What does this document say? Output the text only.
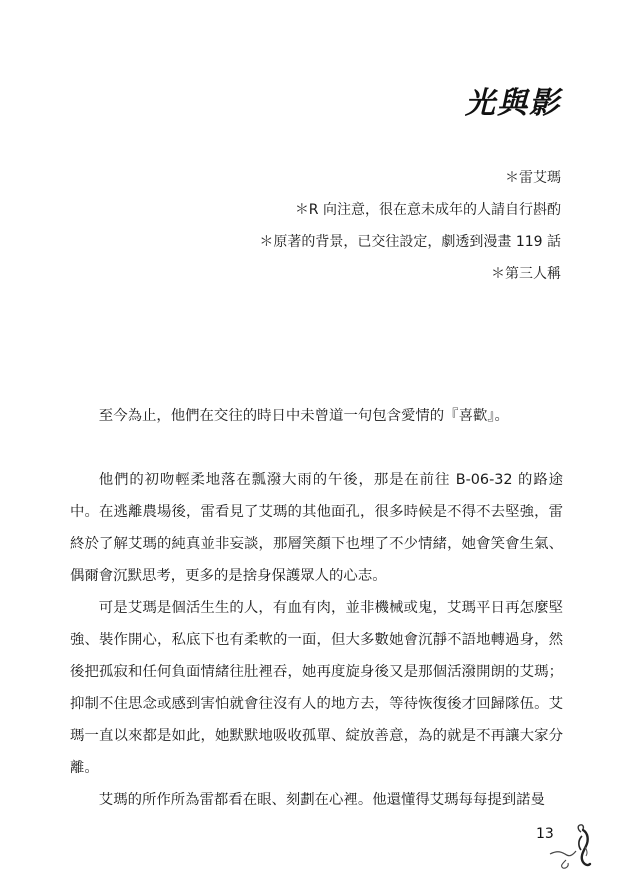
光與影
＊雷艾瑪
＊R 向注意，很在意未成年的人請自行斟酌
＊原著的背景，已交往設定，劇透到漫畫 119 話
＊第三人稱

至今為止，他們在交往的時日中未曾道一句包含愛情的『喜歡』。

他們的初吻輕柔地落在瓢潑大雨的午後，那是在前往 B-06-32 的路途中。在逃離農場後，雷看見了艾瑪的其他面孔，很多時候是不得不去堅強，雷終於了解艾瑪的純真並非妄談，那層笑顏下也埋了不少情緒，她會笑會生氣、偶爾會沉默思考，更多的是捨身保護眾人的心志。

可是艾瑪是個活生生的人，有血有肉，並非機械或鬼，艾瑪平日再怎麼堅強、裝作開心，私底下也有柔軟的一面，但大多數她會沉靜不語地轉過身，然後把孤寂和任何負面情緒往肚裡吞，她再度旋身後又是那個活潑開朗的艾瑪；抑制不住思念或感到害怕就會往沒有人的地方去，等待恢復後才回歸隊伍。艾瑪一直以來都是如此，她默默地吸收孤單、綻放善意，為的就是不再讓大家分離。

艾瑪的所作所為雷都看在眼、刻劃在心裡。他還懂得艾瑪每每提到諾曼

13
